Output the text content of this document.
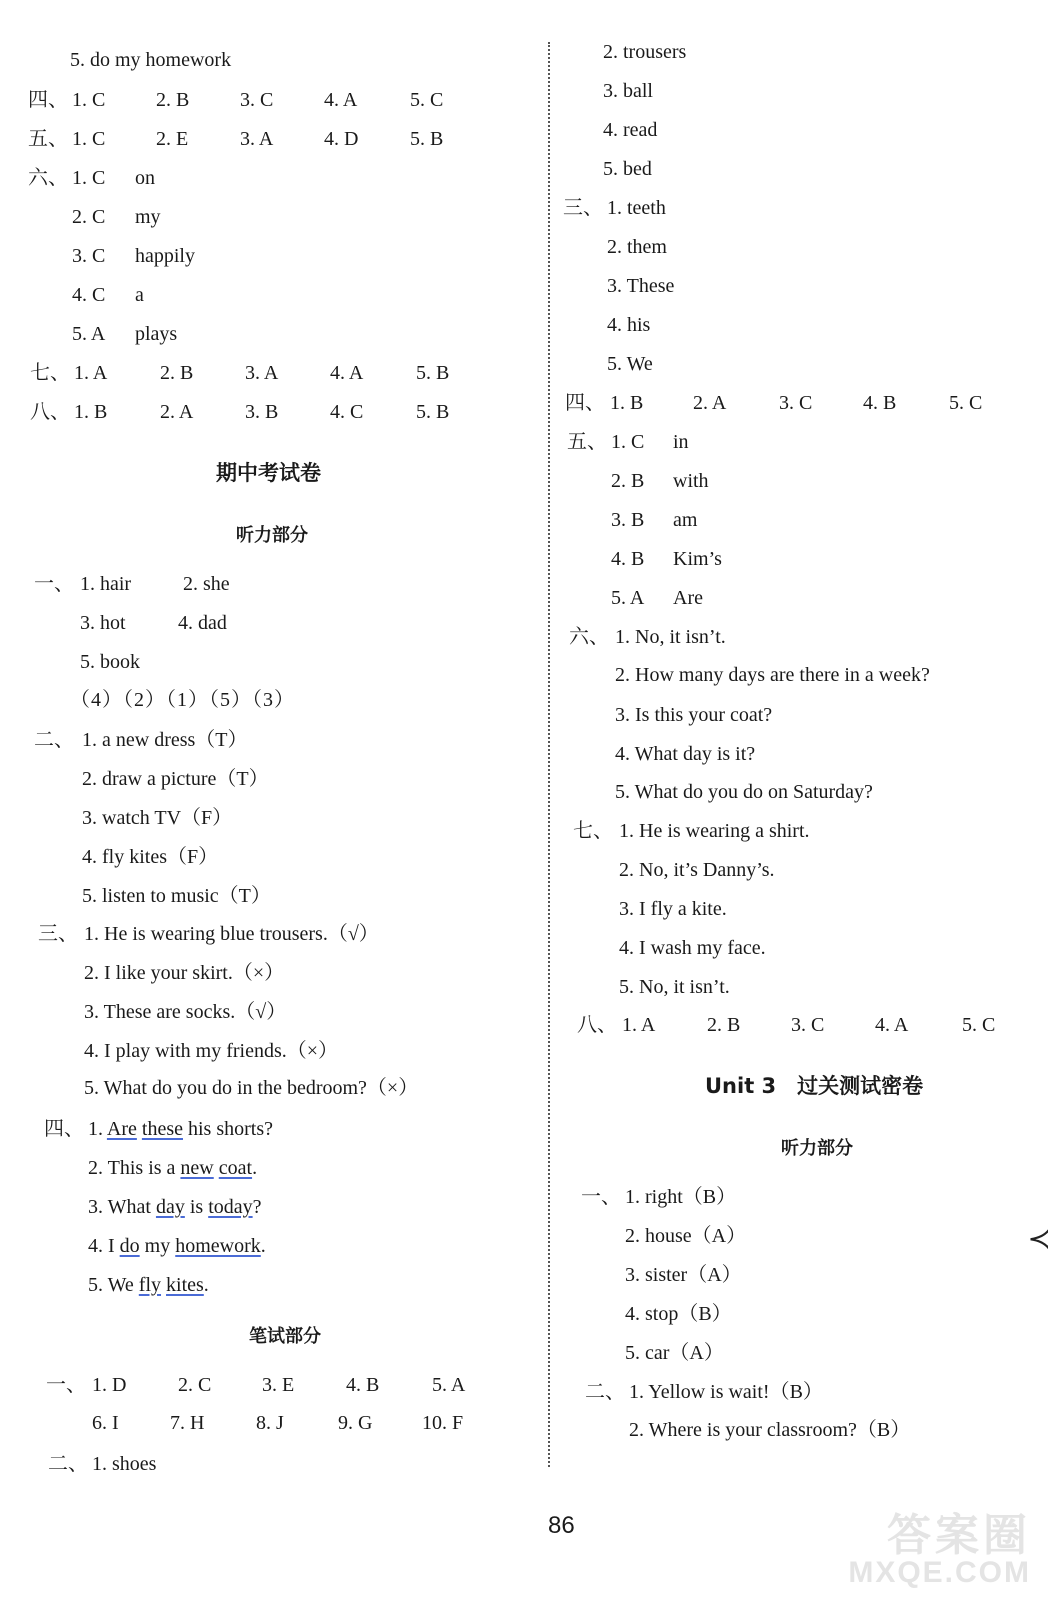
5. do my homework
四、 1. C	2. B	3. C	4. A	5. C
五、 1. C	2. E	3. A	4. D	5. B
六、 1. C on
2. C my
3. C happily
4. C a
5. A plays
七、 1. A	2. B	3. A	4. A	5. B
八、 1. B	2. A	3. B	4. C	5. B
期中考试卷
听力部分
一、 1. hair	2. she
3. hot	4. dad
5. book
（4）（2）（1）（5）（3）
二、 1. a new dress（T）
2. draw a picture（T）
3. watch TV（F）
4. fly kites（F）
5. listen to music（T）
三、 1. He is wearing blue trousers.（√）
2. I like your skirt.（×）
3. These are socks.（√）
4. I play with my friends.（×）
5. What do you do in the bedroom?（×）
四、 1. Are these his shorts?
2. This is a new coat.
3. What day is today?
4. I do my homework.
5. We fly kites.
笔试部分
一、 1. D	2. C	3. E	4. B	5. A
6. I	7. H	8. J	9. G 10. F
二、 1. shoes
2. trousers
3. ball
4. read
5. bed
三、 1. teeth
2. them
3. These
4. his
5. We
四、 1. B 2. A	3. C	4. B	5. C
五、 1. C in
2. B with
3. B am
4. B Kim’s
5. A Are
六、 1. No, it isn’t.
2. How many days are there in a week?
3. Is this your coat?
4. What day is it?
5. What do you do on Saturday?
七、 1. He is wearing a shirt.
2. No, it’s Danny’s.
3. I fly a kite.
4. I wash my face.
5. No, it isn’t.
八、 1. A	2. B	3. C	4. A	5. C
Unit 3　过关测试密卷
听力部分
一、 1. right（B）
2. house（A）
3. sister（A）
4. stop（B）
5. car（A）
二、 1. Yellow is wait!（B）
2. Where is your classroom?（B）
≺
86	答案圈
MXQE.COM
